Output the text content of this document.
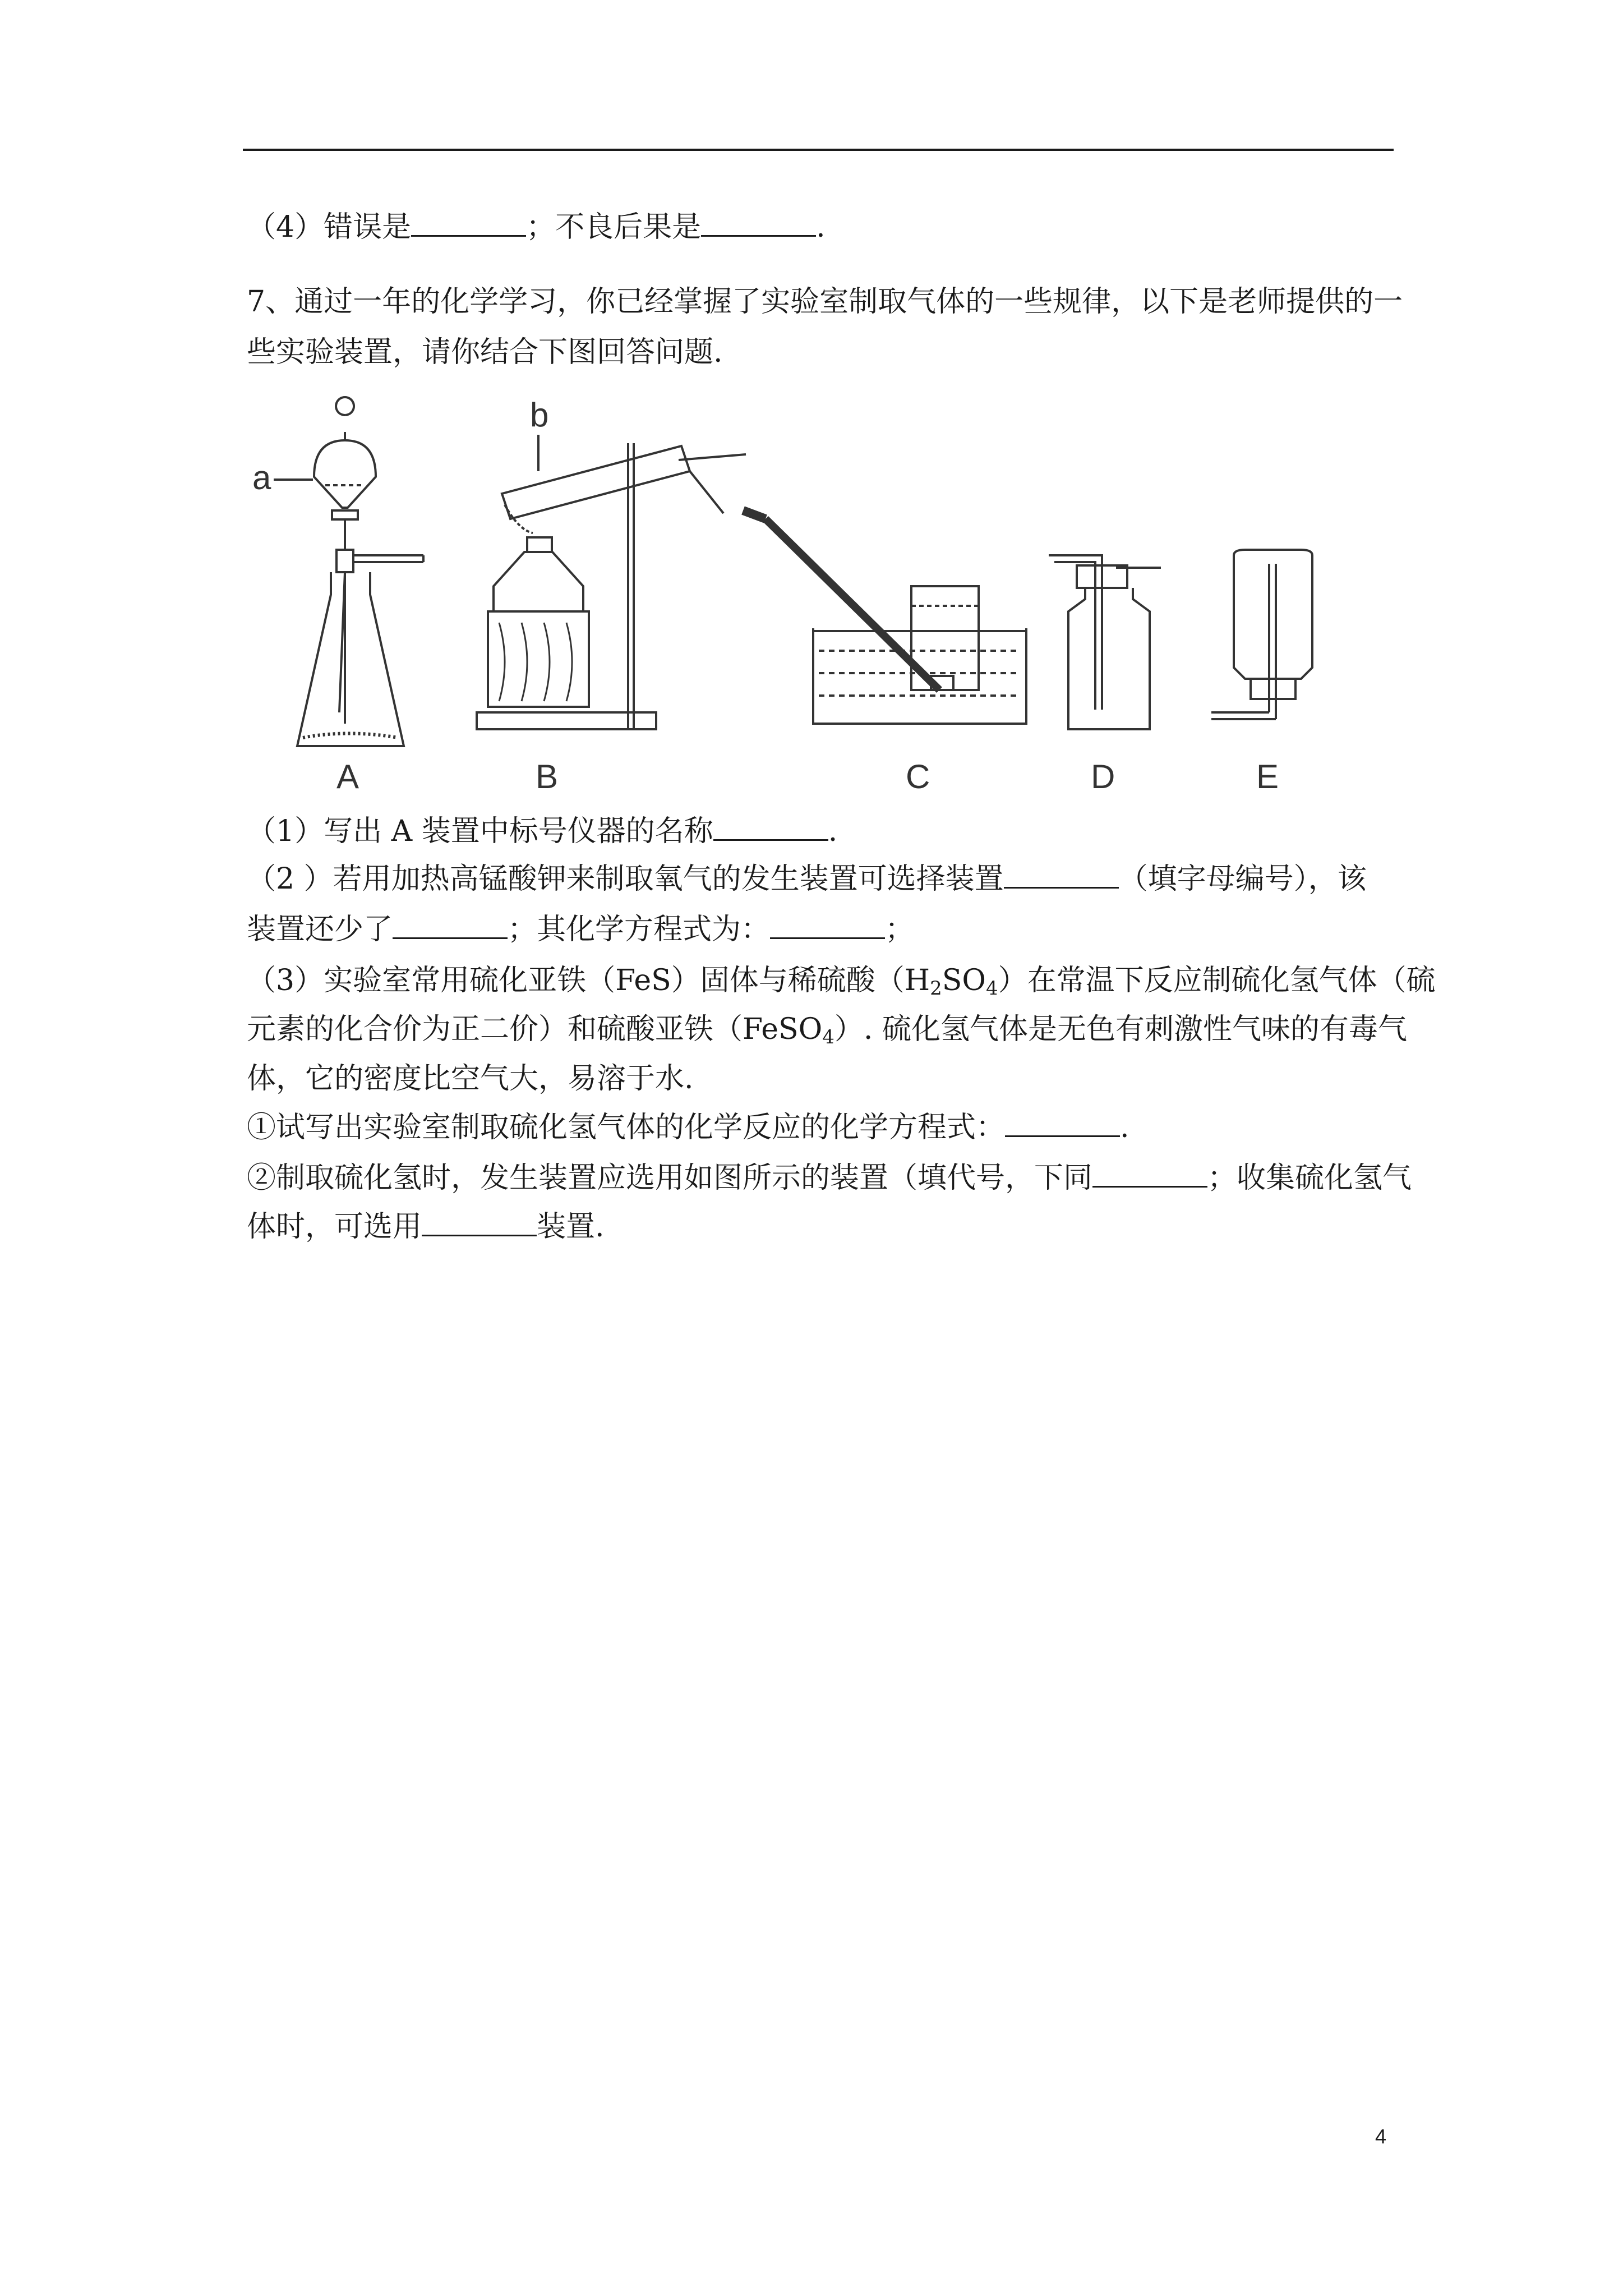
（4）错误是	；不良后果是	.
7、通过一年的化学学习，你已经掌握了实验室制取气体的一些规律，以下是老师提供的一
些实验装置，请你结合下图回答问题.
a
A
b
B	C	D	E
（1）写出 A 装置中标号仪器的名称	.
（2 ）若用加热高锰酸钾来制取氧气的发生装置可选择装置	（填字母编号），该
装置还少了	；其化学方程式为：	；
（3）实验室常用硫化亚铁（FeS）固体与稀硫酸$(H_2SO_4)$在常温下反应制硫化氢气体（硫
元素的化合价为正二价）和硫酸亚铁（FeSO$_4$）. 硫化氢气体是无色有刺激性气味的有毒气
体，它的密度比空气大，易溶于水.
①试写出实验室制取硫化氢气体的化学反应的化学方程式：	.
②制取硫化氢时，发生装置应选用如图所示的装置（填代号，下同	；收集硫化氢气
体时，可选用	装置.
4
